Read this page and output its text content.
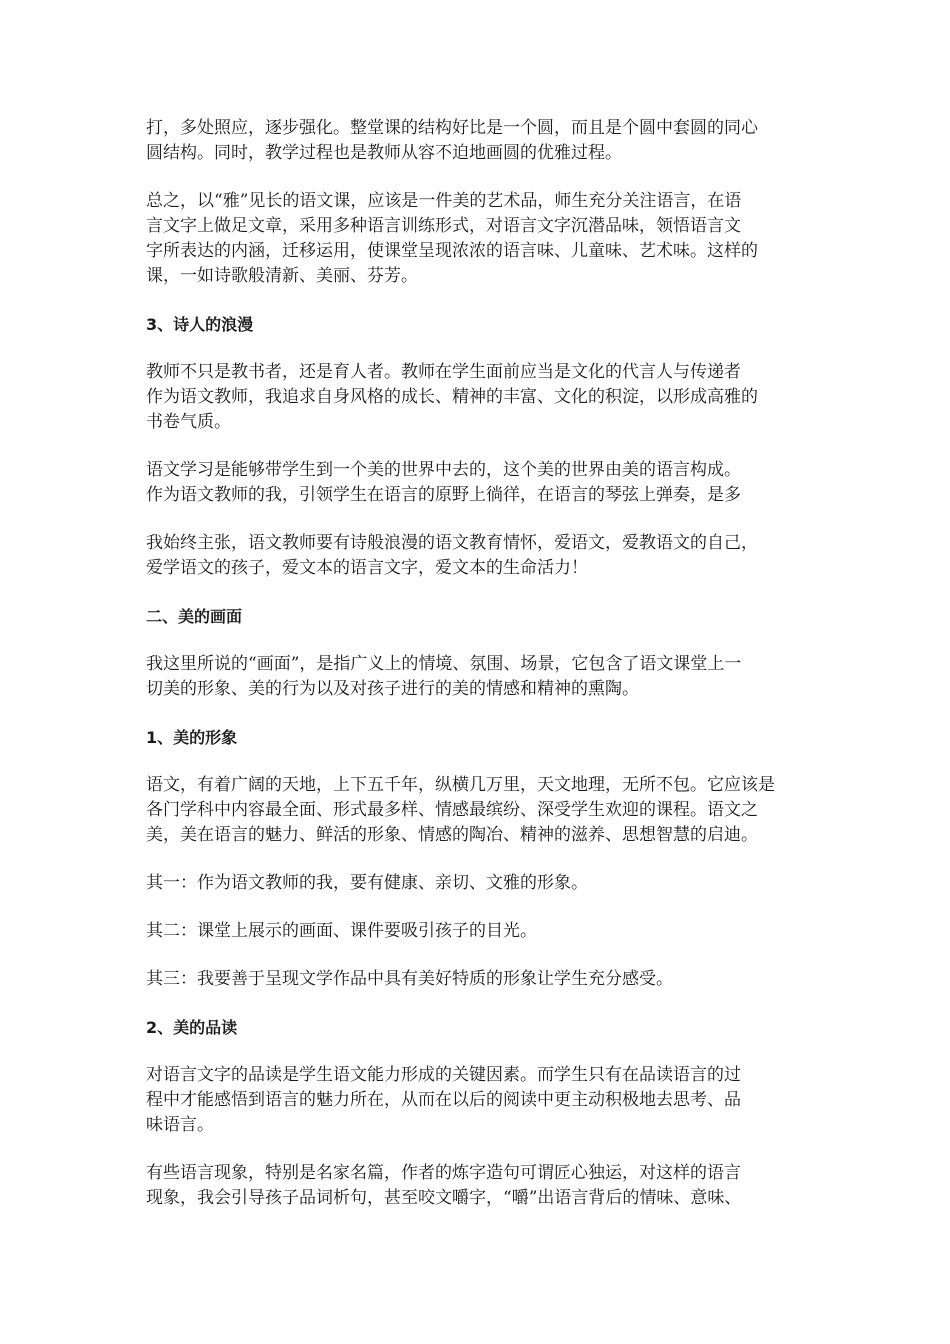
打，多处照应，逐步强化。整堂课的结构好比是一个圆，而且是个圆中套圆的同心
圆结构。同时，教学过程也是教师从容不迫地画圆的优雅过程。
总之，以“雅”见长的语文课，应该是一件美的艺术品，师生充分关注语言，在语
言文字上做足文章，采用多种语言训练形式，对语言文字沉潜品味，领悟语言文
字所表达的内涵，迁移运用，使课堂呈现浓浓的语言味、儿童味、艺术味。这样的
课，一如诗歌般清新、美丽、芬芳。
3、诗人的浪漫
教师不只是教书者，还是育人者。教师在学生面前应当是文化的代言人与传递者
作为语文教师，我追求自身风格的成长、精神的丰富、文化的积淀，以形成高雅的
书卷气质。
语文学习是能够带学生到一个美的世界中去的，这个美的世界由美的语言构成。
作为语文教师的我，引领学生在语言的原野上徜徉，在语言的琴弦上弹奏，是多
我始终主张，语文教师要有诗般浪漫的语文教育情怀，爱语文，爱教语文的自己，
爱学语文的孩子，爱文本的语言文字，爱文本的生命活力！
二、美的画面
我这里所说的“画面”，是指广义上的情境、氛围、场景，它包含了语文课堂上一
切美的形象、美的行为以及对孩子进行的美的情感和精神的熏陶。
1、美的形象
语文，有着广阔的天地，上下五千年，纵横几万里，天文地理，无所不包。它应该是
各门学科中内容最全面、形式最多样、情感最缤纷、深受学生欢迎的课程。语文之
美，美在语言的魅力、鲜活的形象、情感的陶冶、精神的滋养、思想智慧的启迪。
其一：作为语文教师的我，要有健康、亲切、文雅的形象。
其二：课堂上展示的画面、课件要吸引孩子的目光。
其三：我要善于呈现文学作品中具有美好特质的形象让学生充分感受。
2、美的品读
对语言文字的品读是学生语文能力形成的关键因素。而学生只有在品读语言的过
程中才能感悟到语言的魅力所在，从而在以后的阅读中更主动积极地去思考、品
味语言。
有些语言现象，特别是名家名篇，作者的炼字造句可谓匠心独运，对这样的语言
现象，我会引导孩子品词析句，甚至咬文嚼字，“嚼”出语言背后的情味、意味、
